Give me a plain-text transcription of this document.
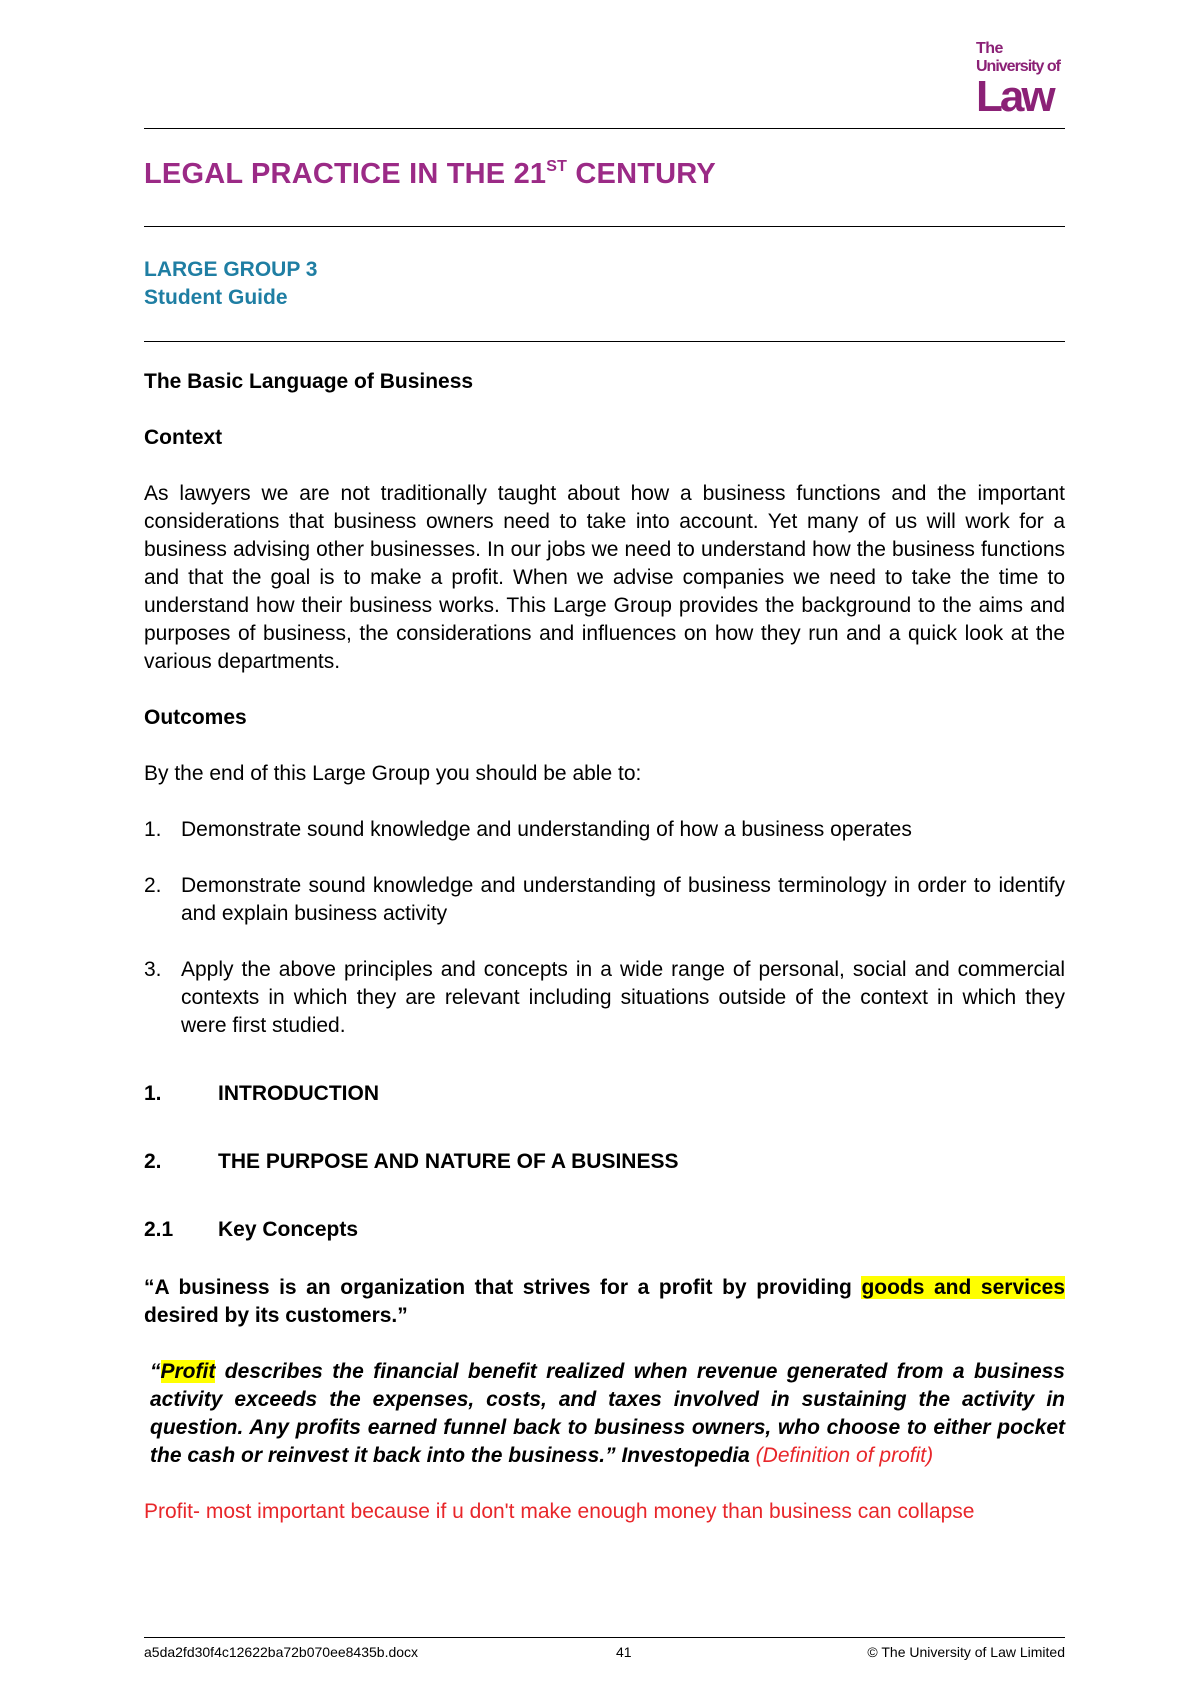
The
University of
Law
LEGAL PRACTICE IN THE 21ST CENTURY
LARGE GROUP 3
Student Guide

The Basic Language of Business

Context

As lawyers we are not traditionally taught about how a business functions and the important considerations that business owners need to take into account. Yet many of us will work for a business advising other businesses. In our jobs we need to understand how the business functions and that the goal is to make a profit. When we advise companies we need to take the time to understand how their business works. This Large Group provides the background to the aims and purposes of business, the considerations and influences on how they run and a quick look at the various departments.

Outcomes

By the end of this Large Group you should be able to:

1. Demonstrate sound knowledge and understanding of how a business operates
2. Demonstrate sound knowledge and understanding of business terminology in order to identify and explain business activity
3. Apply the above principles and concepts in a wide range of personal, social and commercial contexts in which they are relevant including situations outside of the context in which they were first studied.
1.	INTRODUCTION
2.	THE PURPOSE AND NATURE OF A BUSINESS
2.1	Key Concepts

“A business is an organization that strives for a profit by providing goods and services desired by its customers.”

“Profit describes the financial benefit realized when revenue generated from a business activity exceeds the expenses, costs, and taxes involved in sustaining the activity in question. Any profits earned funnel back to business owners, who choose to either pocket the cash or reinvest it back into the business.” Investopedia (Definition of profit)

Profit- most important because if u don't make enough money than business can collapse

a5da2fd30f4c12622ba72b070ee8435b.docx	41	© The University of Law Limited
